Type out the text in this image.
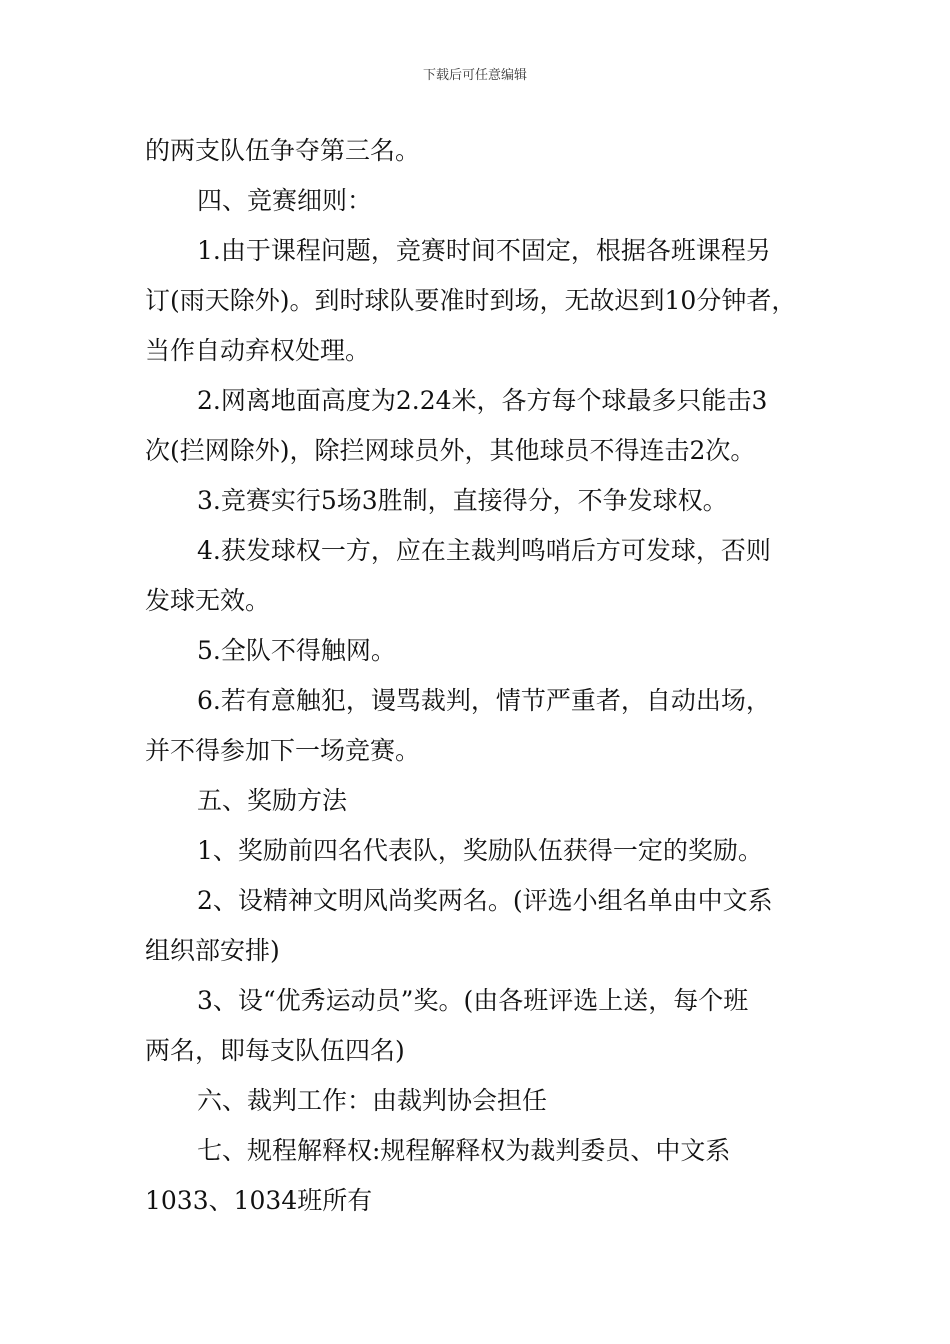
下载后可任意编辑
的两支队伍争夺第三名。
四、竞赛细则：
1.由于课程问题，竞赛时间不固定，根据各班课程另
订(雨天除外)。到时球队要准时到场，无故迟到10分钟者，
当作自动弃权处理。
2.网离地面高度为2.24米，各方每个球最多只能击3
次(拦网除外)，除拦网球员外，其他球员不得连击2次。
3.竞赛实行5场3胜制，直接得分，不争发球权。
4.获发球权一方，应在主裁判鸣哨后方可发球，否则
发球无效。
5.全队不得触网。
6.若有意触犯，谩骂裁判，情节严重者，自动出场，
并不得参加下一场竞赛。
五、奖励方法
1、奖励前四名代表队，奖励队伍获得一定的奖励。
2、设精神文明风尚奖两名。(评选小组名单由中文系
组织部安排)
3、设“优秀运动员”奖。(由各班评选上送，每个班
两名，即每支队伍四名)
六、裁判工作：由裁判协会担任
七、规程解释权:规程解释权为裁判委员、中文系
1033、1034班所有
